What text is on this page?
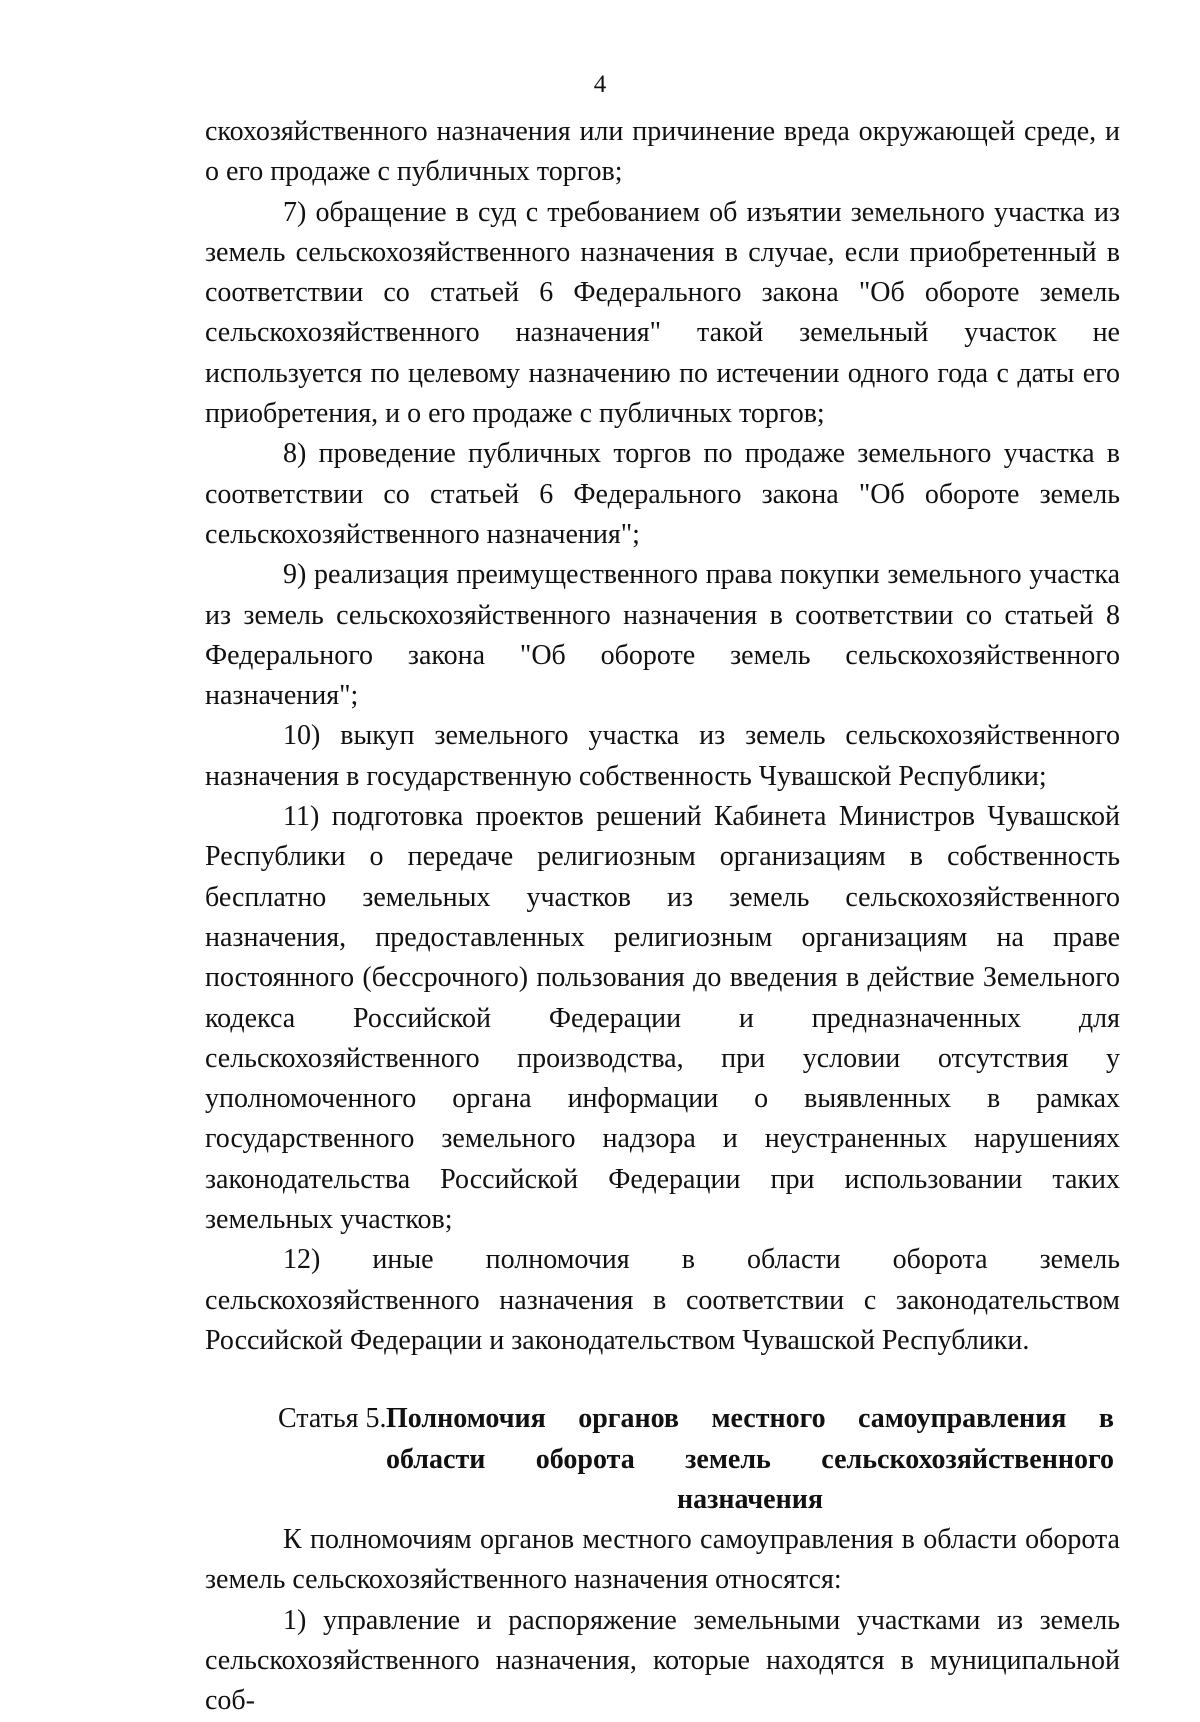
4

скохозяйственного назначения или причинение вреда окружающей среде, и о его продаже с публичных торгов;

7) обращение в суд с требованием об изъятии земельного участка из земель сельскохозяйственного назначения в случае, если приобретенный в соответствии со статьей 6 Федерального закона "Об обороте земель сельскохозяйственного назначения" такой земельный участок не используется по целевому назначению по истечении одного года с даты его приобретения, и о его продаже с публичных торгов;

8) проведение публичных торгов по продаже земельного участка в соответствии со статьей 6 Федерального закона "Об обороте земель сельскохозяйственного назначения";

9) реализация преимущественного права покупки земельного участка из земель сельскохозяйственного назначения в соответствии со статьей 8 Федерального закона "Об обороте земель сельскохозяйственного назначения";

10) выкуп земельного участка из земель сельскохозяйственного назначения в государственную собственность Чувашской Республики;

11) подготовка проектов решений Кабинета Министров Чувашской Республики о передаче религиозным организациям в собственность бесплатно земельных участков из земель сельскохозяйственного назначения, предоставленных религиозным организациям на праве постоянного (бессрочного) пользования до введения в действие Земельного кодекса Российской Федерации и предназначенных для сельскохозяйственного производства, при условии отсутствия у уполномоченного органа информации о выявленных в рамках государственного земельного надзора и неустраненных нарушениях законодательства Российской Федерации при использовании таких земельных участков;

12) иные полномочия в области оборота земель сельскохозяйственного назначения в соответствии с законодательством Российской Федерации и законодательством Чувашской Республики.

Статья 5. Полномочия органов местного самоуправления в области оборота земель сельскохозяйственного назначения

К полномочиям органов местного самоуправления в области оборота земель сельскохозяйственного назначения относятся:

1) управление и распоряжение земельными участками из земель сельскохозяйственного назначения, которые находятся в муниципальной соб-
